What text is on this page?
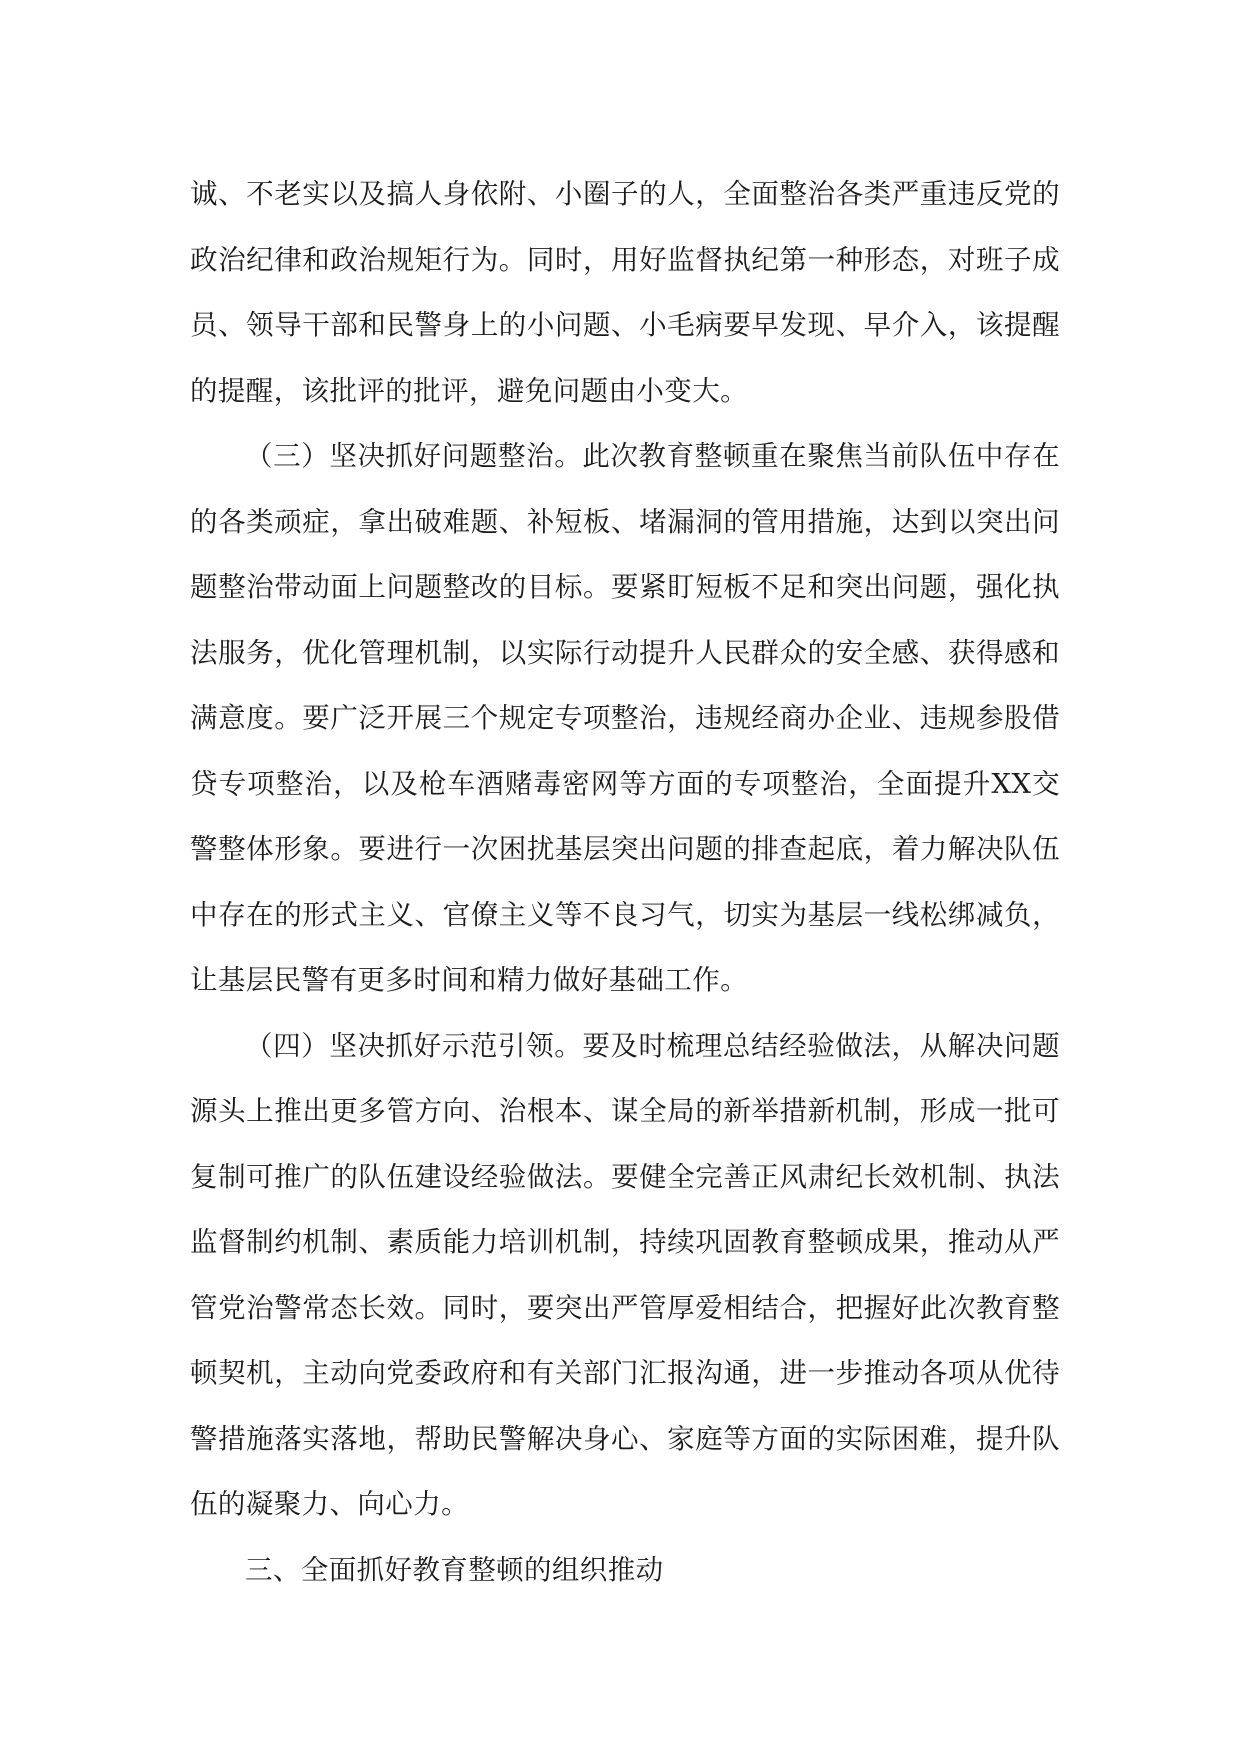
诚、不老实以及搞人身依附、小圈子的人，全面整治各类严重违反党的政治纪律和政治规矩行为。同时，用好监督执纪第一种形态，对班子成员、领导干部和民警身上的小问题、小毛病要早发现、早介入，该提醒的提醒，该批评的批评，避免问题由小变大。

（三）坚决抓好问题整治。此次教育整顿重在聚焦当前队伍中存在的各类顽症，拿出破难题、补短板、堵漏洞的管用措施，达到以突出问题整治带动面上问题整改的目标。要紧盯短板不足和突出问题，强化执法服务，优化管理机制，以实际行动提升人民群众的安全感、获得感和满意度。要广泛开展三个规定专项整治，违规经商办企业、违规参股借贷专项整治，以及枪车酒赌毒密网等方面的专项整治，全面提升XX交警整体形象。要进行一次困扰基层突出问题的排查起底，着力解决队伍中存在的形式主义、官僚主义等不良习气，切实为基层一线松绑减负，让基层民警有更多时间和精力做好基础工作。

（四）坚决抓好示范引领。要及时梳理总结经验做法，从解决问题源头上推出更多管方向、治根本、谋全局的新举措新机制，形成一批可复制可推广的队伍建设经验做法。要健全完善正风肃纪长效机制、执法监督制约机制、素质能力培训机制，持续巩固教育整顿成果，推动从严管党治警常态长效。同时，要突出严管厚爱相结合，把握好此次教育整顿契机，主动向党委政府和有关部门汇报沟通，进一步推动各项从优待警措施落实落地，帮助民警解决身心、家庭等方面的实际困难，提升队伍的凝聚力、向心力。

三、全面抓好教育整顿的组织推动
